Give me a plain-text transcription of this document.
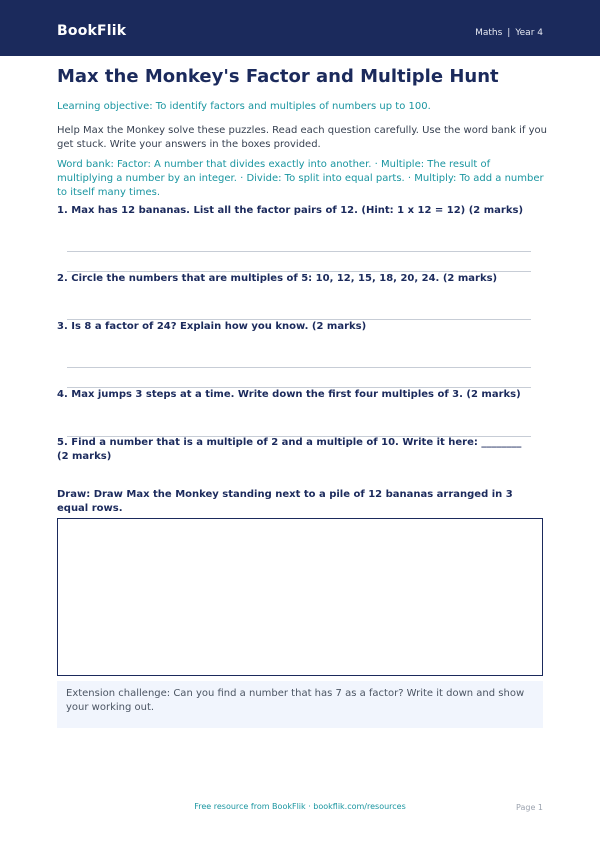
BookFlik	Maths | Year 4
Max the Monkey's Factor and Multiple Hunt
Learning objective: To identify factors and multiples of numbers up to 100.
Help Max the Monkey solve these puzzles. Read each question carefully. Use the word bank if you get stuck. Write your answers in the boxes provided.
Word bank: Factor: A number that divides exactly into another. · Multiple: The result of multiplying a number by an integer. · Divide: To split into equal parts. · Multiply: To add a number to itself many times.
1. Max has 12 bananas. List all the factor pairs of 12. (Hint: 1 x 12 = 12) (2 marks)
2. Circle the numbers that are multiples of 5: 10, 12, 15, 18, 20, 24. (2 marks)
3. Is 8 a factor of 24? Explain how you know. (2 marks)
4. Max jumps 3 steps at a time. Write down the first four multiples of 3. (2 marks)
5. Find a number that is a multiple of 2 and a multiple of 10. Write it here: ________ (2 marks)
Draw: Draw Max the Monkey standing next to a pile of 12 bananas arranged in 3 equal rows.
Extension challenge: Can you find a number that has 7 as a factor? Write it down and show your working out.
Free resource from BookFlik · bookflik.com/resources	Page 1
